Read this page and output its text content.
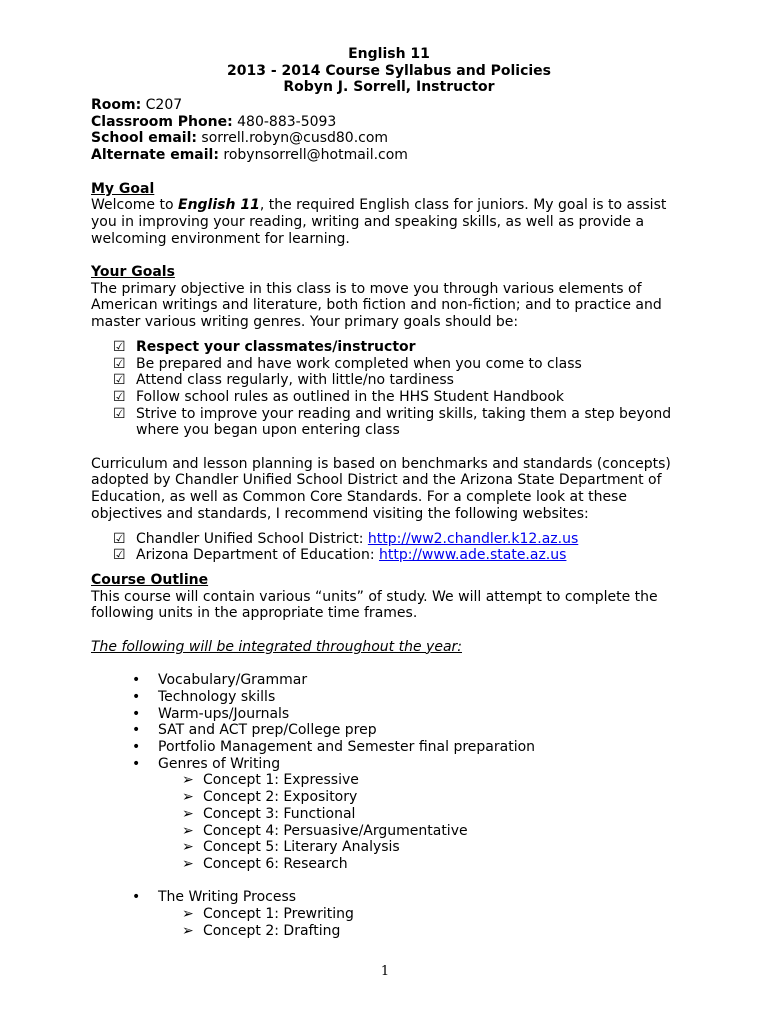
English 11
2013 - 2014 Course Syllabus and Policies
Robyn J. Sorrell, Instructor
Room: C207
Classroom Phone: 480-883-5093
School email: sorrell.robyn@cusd80.com
Alternate email: robynsorrell@hotmail.com
My Goal
Welcome to English 11, the required English class for juniors. My goal is to assist you in improving your reading, writing and speaking skills, as well as provide a welcoming environment for learning.
Your Goals
The primary objective in this class is to move you through various elements of American writings and literature, both fiction and non-fiction; and to practice and master various writing genres. Your primary goals should be:
☑ Respect your classmates/instructor
☑ Be prepared and have work completed when you come to class
☑ Attend class regularly, with little/no tardiness
☑ Follow school rules as outlined in the HHS Student Handbook
☑ Strive to improve your reading and writing skills, taking them a step beyond where you began upon entering class
Curriculum and lesson planning is based on benchmarks and standards (concepts) adopted by Chandler Unified School District and the Arizona State Department of Education, as well as Common Core Standards. For a complete look at these objectives and standards, I recommend visiting the following websites:
☑ Chandler Unified School District: http://ww2.chandler.k12.az.us
☑ Arizona Department of Education: http://www.ade.state.az.us
Course Outline
This course will contain various “units” of study. We will attempt to complete the following units in the appropriate time frames.
The following will be integrated throughout the year:
• Vocabulary/Grammar
• Technology skills
• Warm-ups/Journals
• SAT and ACT prep/College prep
• Portfolio Management and Semester final preparation
• Genres of Writing
➢ Concept 1: Expressive
➢ Concept 2: Expository
➢ Concept 3: Functional
➢ Concept 4: Persuasive/Argumentative
➢ Concept 5: Literary Analysis
➢ Concept 6: Research
• The Writing Process
➢ Concept 1: Prewriting
➢ Concept 2: Drafting
1
